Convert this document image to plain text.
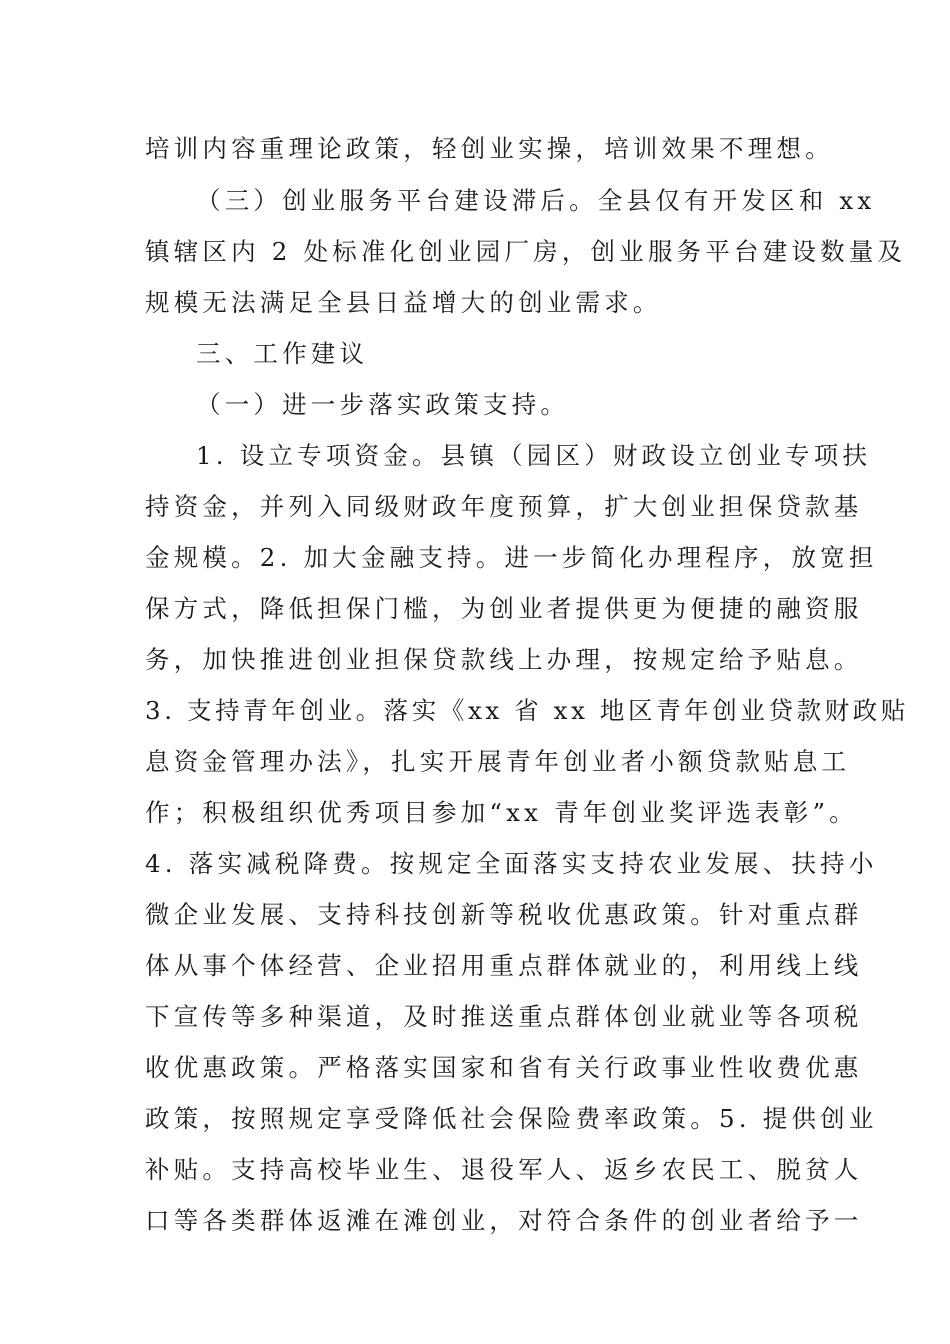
培训内容重理论政策，轻创业实操，培训效果不理想。
（三）创业服务平台建设滞后。全县仅有开发区和 xx
镇辖区内 2 处标准化创业园厂房，创业服务平台建设数量及
规模无法满足全县日益增大的创业需求。
三、工作建议
（一）进一步落实政策支持。
1. 设立专项资金。县镇（园区）财政设立创业专项扶
持资金，并列入同级财政年度预算，扩大创业担保贷款基
金规模。2. 加大金融支持。进一步简化办理程序，放宽担
保方式，降低担保门槛，为创业者提供更为便捷的融资服
务，加快推进创业担保贷款线上办理，按规定给予贴息。
3. 支持青年创业。落实《xx 省 xx 地区青年创业贷款财政贴
息资金管理办法》，扎实开展青年创业者小额贷款贴息工
作；积极组织优秀项目参加“xx 青年创业奖评选表彰”。
4. 落实减税降费。按规定全面落实支持农业发展、扶持小
微企业发展、支持科技创新等税收优惠政策。针对重点群
体从事个体经营、企业招用重点群体就业的，利用线上线
下宣传等多种渠道，及时推送重点群体创业就业等各项税
收优惠政策。严格落实国家和省有关行政事业性收费优惠
政策，按照规定享受降低社会保险费率政策。5. 提供创业
补贴。支持高校毕业生、退役军人、返乡农民工、脱贫人
口等各类群体返滩在滩创业，对符合条件的创业者给予一
